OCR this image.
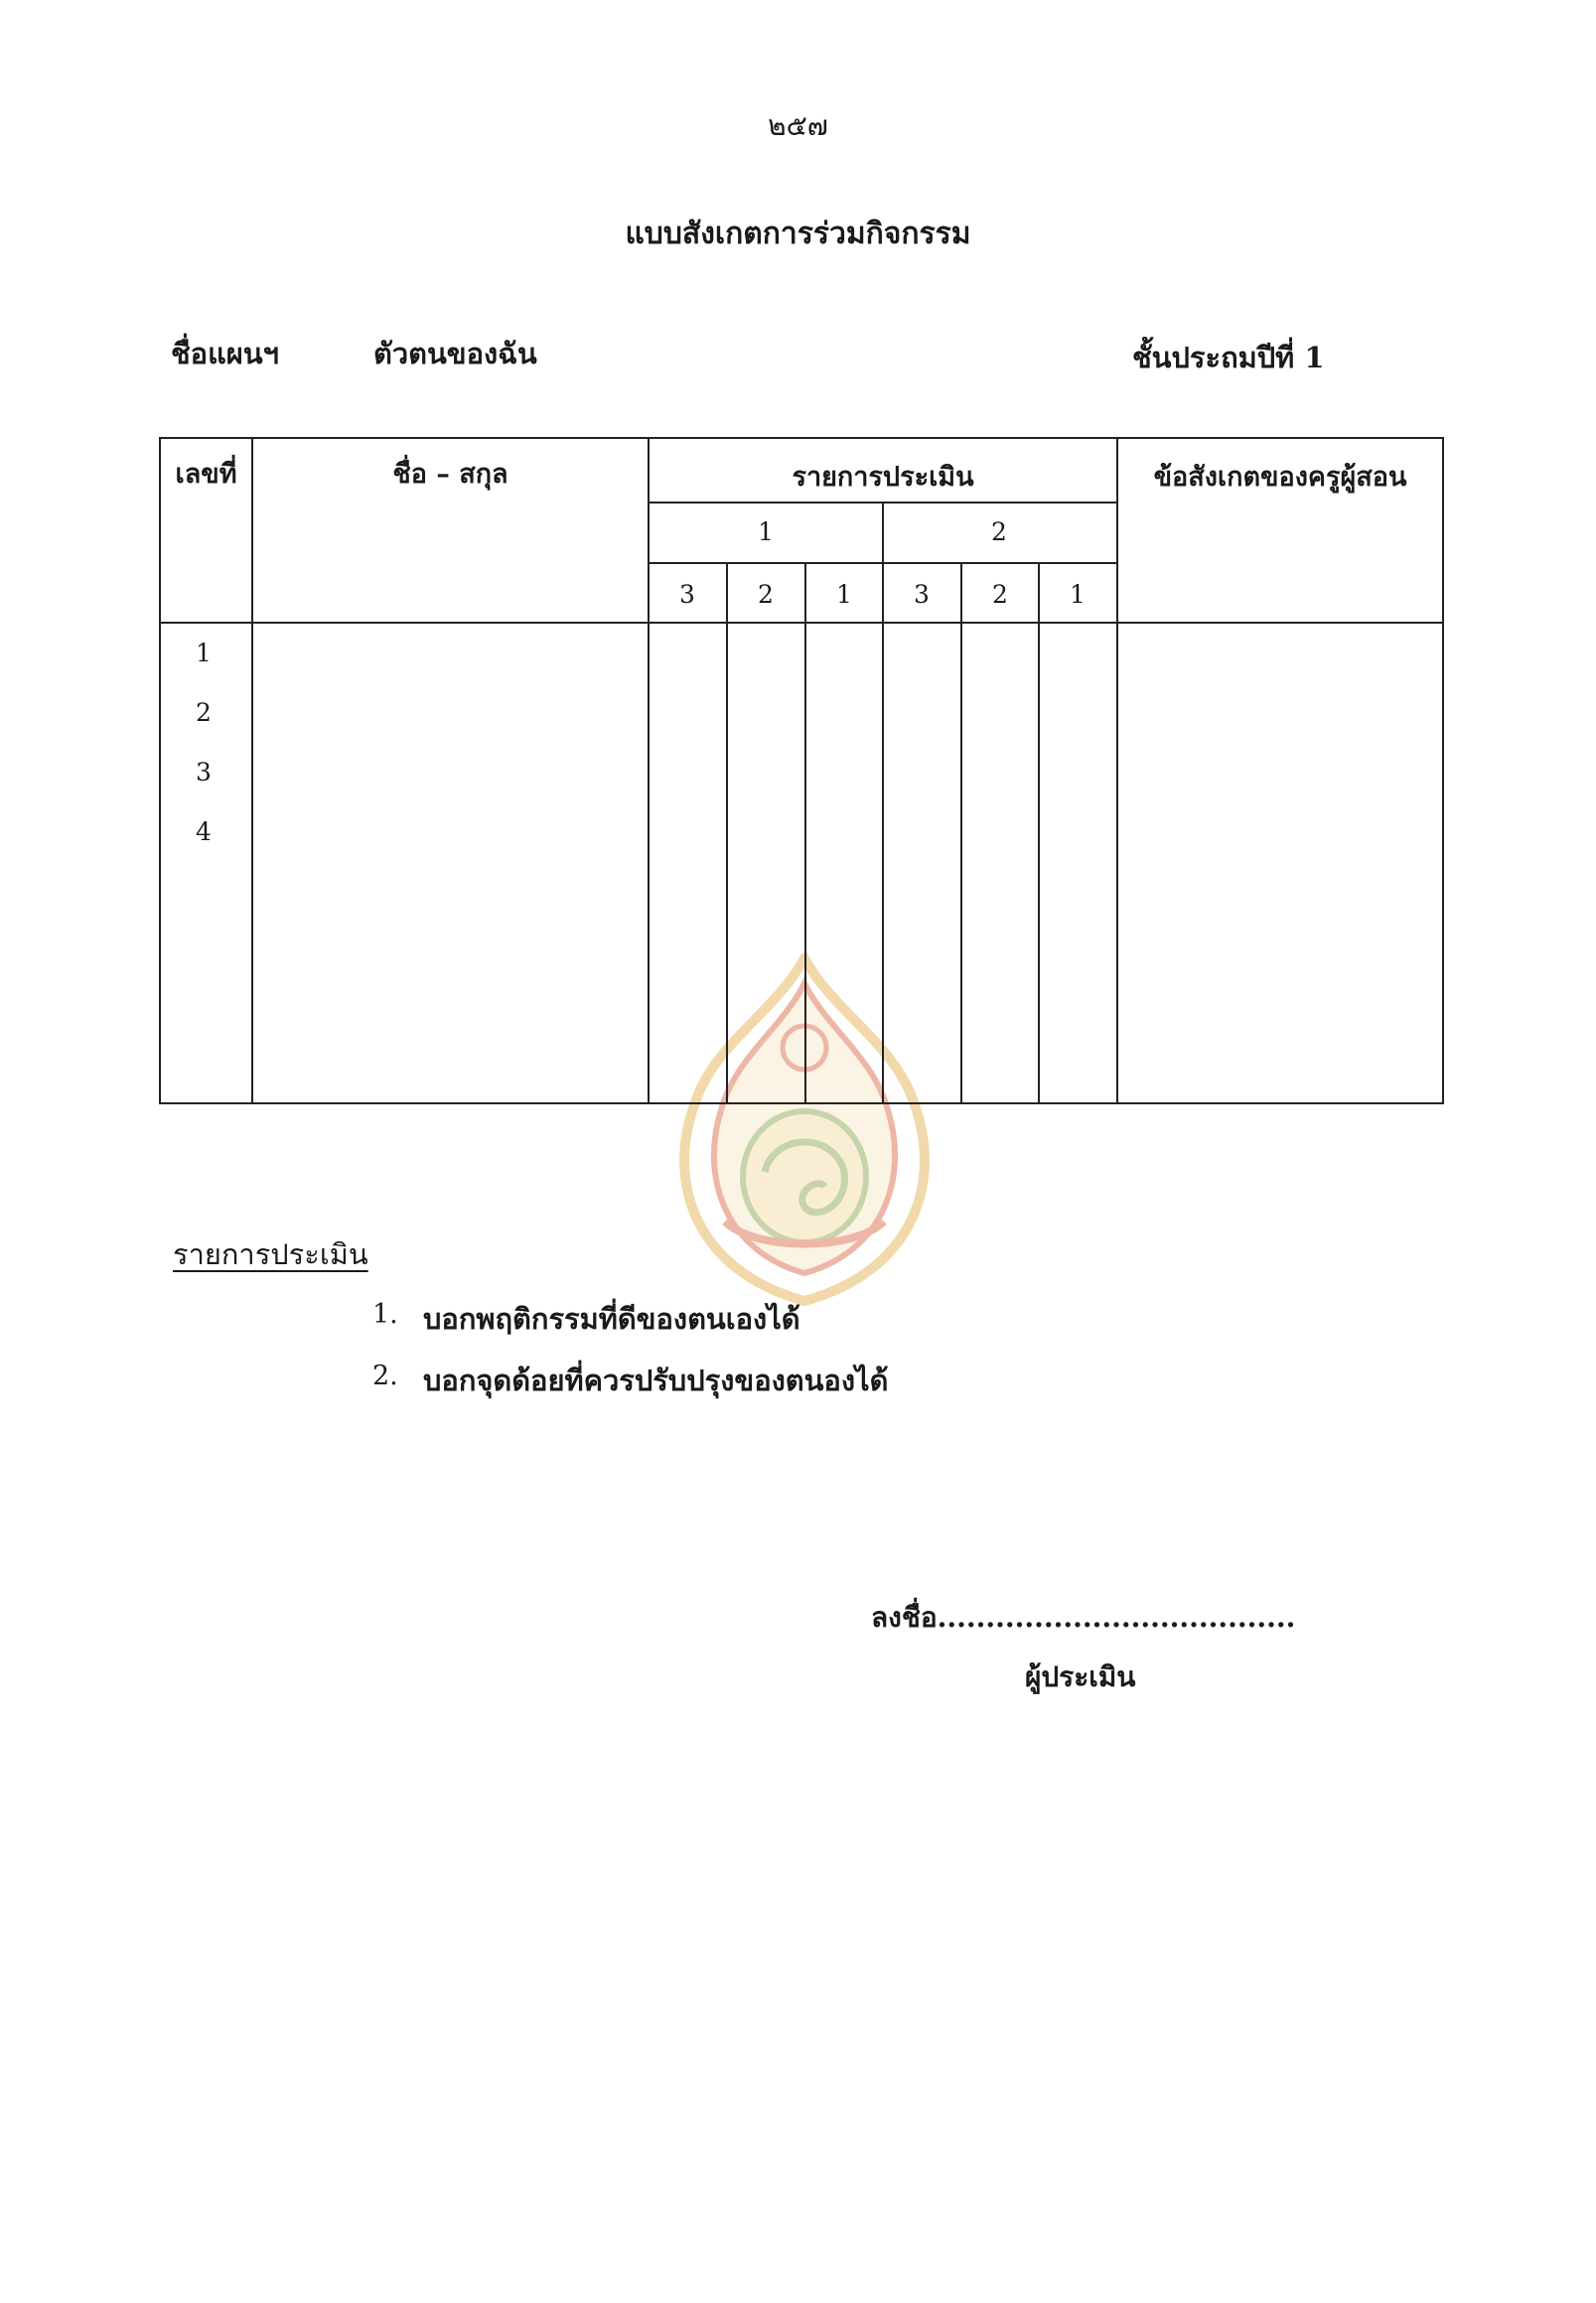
๒๕๗
แบบสังเกตการร่วมกิจกรรม
ชื่อแผนฯ	ตัวตนของฉัน	ชั้นประถมปีที่ 1
เลขที่	ชื่อ – สกุล	รายการประเมิน	ข้อสังเกตของครูผู้สอน
1	2
3	2	1	3	2	1
1
2
3
4
รายการประเมิน
1. บอกพฤติกรรมที่ดีของตนเองได้
2. บอกจุดด้อยที่ควรปรับปรุงของตนองได้
ลงชื่อ.....................................
ผู้ประเมิน
